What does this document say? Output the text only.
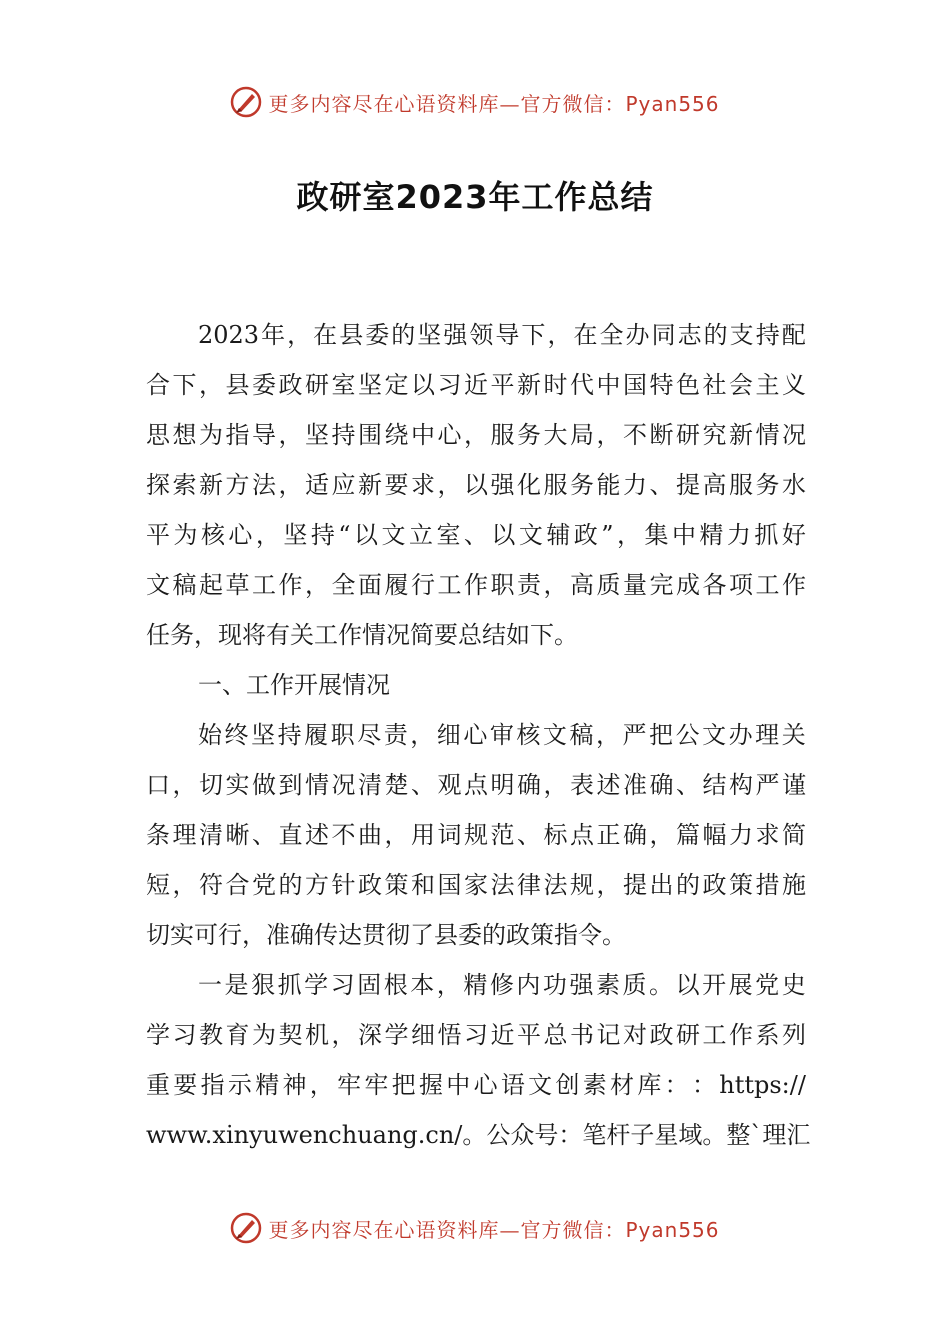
更多内容尽在心语资料库—官方微信：Pyan556
政研室2023年工作总结
2023 年 ， 在 县 委 的 坚 强 领 导 下 ， 在 全 办 同 志 的 支 持 配
合 下 ， 县 委 政 研 室 坚 定 以 习 近 平 新 时 代 中 国 特 色 社 会 主 义
思 想 为 指 导 ， 坚 持 围 绕 中 心 ， 服 务 大 局 ， 不 断 研 究 新 情 况
探 索 新 方 法 ， 适 应 新 要 求 ， 以 强 化 服 务 能 力 、 提 高 服 务 水
平 为 核 心 ， 坚 持 “ 以 文 立 室 、 以 文 辅 政 ” ， 集 中 精 力 抓 好
文 稿 起 草 工 作 ， 全 面 履 行 工 作 职 责 ， 高 质 量 完 成 各 项 工 作
任务，现将有关工作情况简要总结如下。
一、工作开展情况
始 终 坚 持 履 职 尽 责 ， 细 心 审 核 文 稿 ， 严 把 公 文 办 理 关
口 ， 切 实 做 到 情 况 清 楚 、 观 点 明 确 ， 表 述 准 确 、 结 构 严 谨
条 理 清 晰 、 直 述 不 曲 ， 用 词 规 范 、 标 点 正 确 ， 篇 幅 力 求 简
短 ， 符 合 党 的 方 针 政 策 和 国 家 法 律 法 规 ， 提 出 的 政 策 措 施
切实可行，准确传达贯彻了县委的政策指令。
一 是 狠 抓 学 习 固 根 本 ， 精 修 内 功 强 素 质 。 以 开 展 党 史
学 习 教 育 为 契 机 ， 深 学 细 悟 习 近 平 总 书 记 对 政 研 工 作 系 列
重 要 指 示 精 神 ， 牢 牢 把 握 中 心 语 文 创 素 材 库 ： ： https://
www.xinyuwenchuang.cn/ 。 公 众 号 ： 笔 杆 子 星 域 。 整 ` 理 汇
更多内容尽在心语资料库—官方微信：Pyan556
